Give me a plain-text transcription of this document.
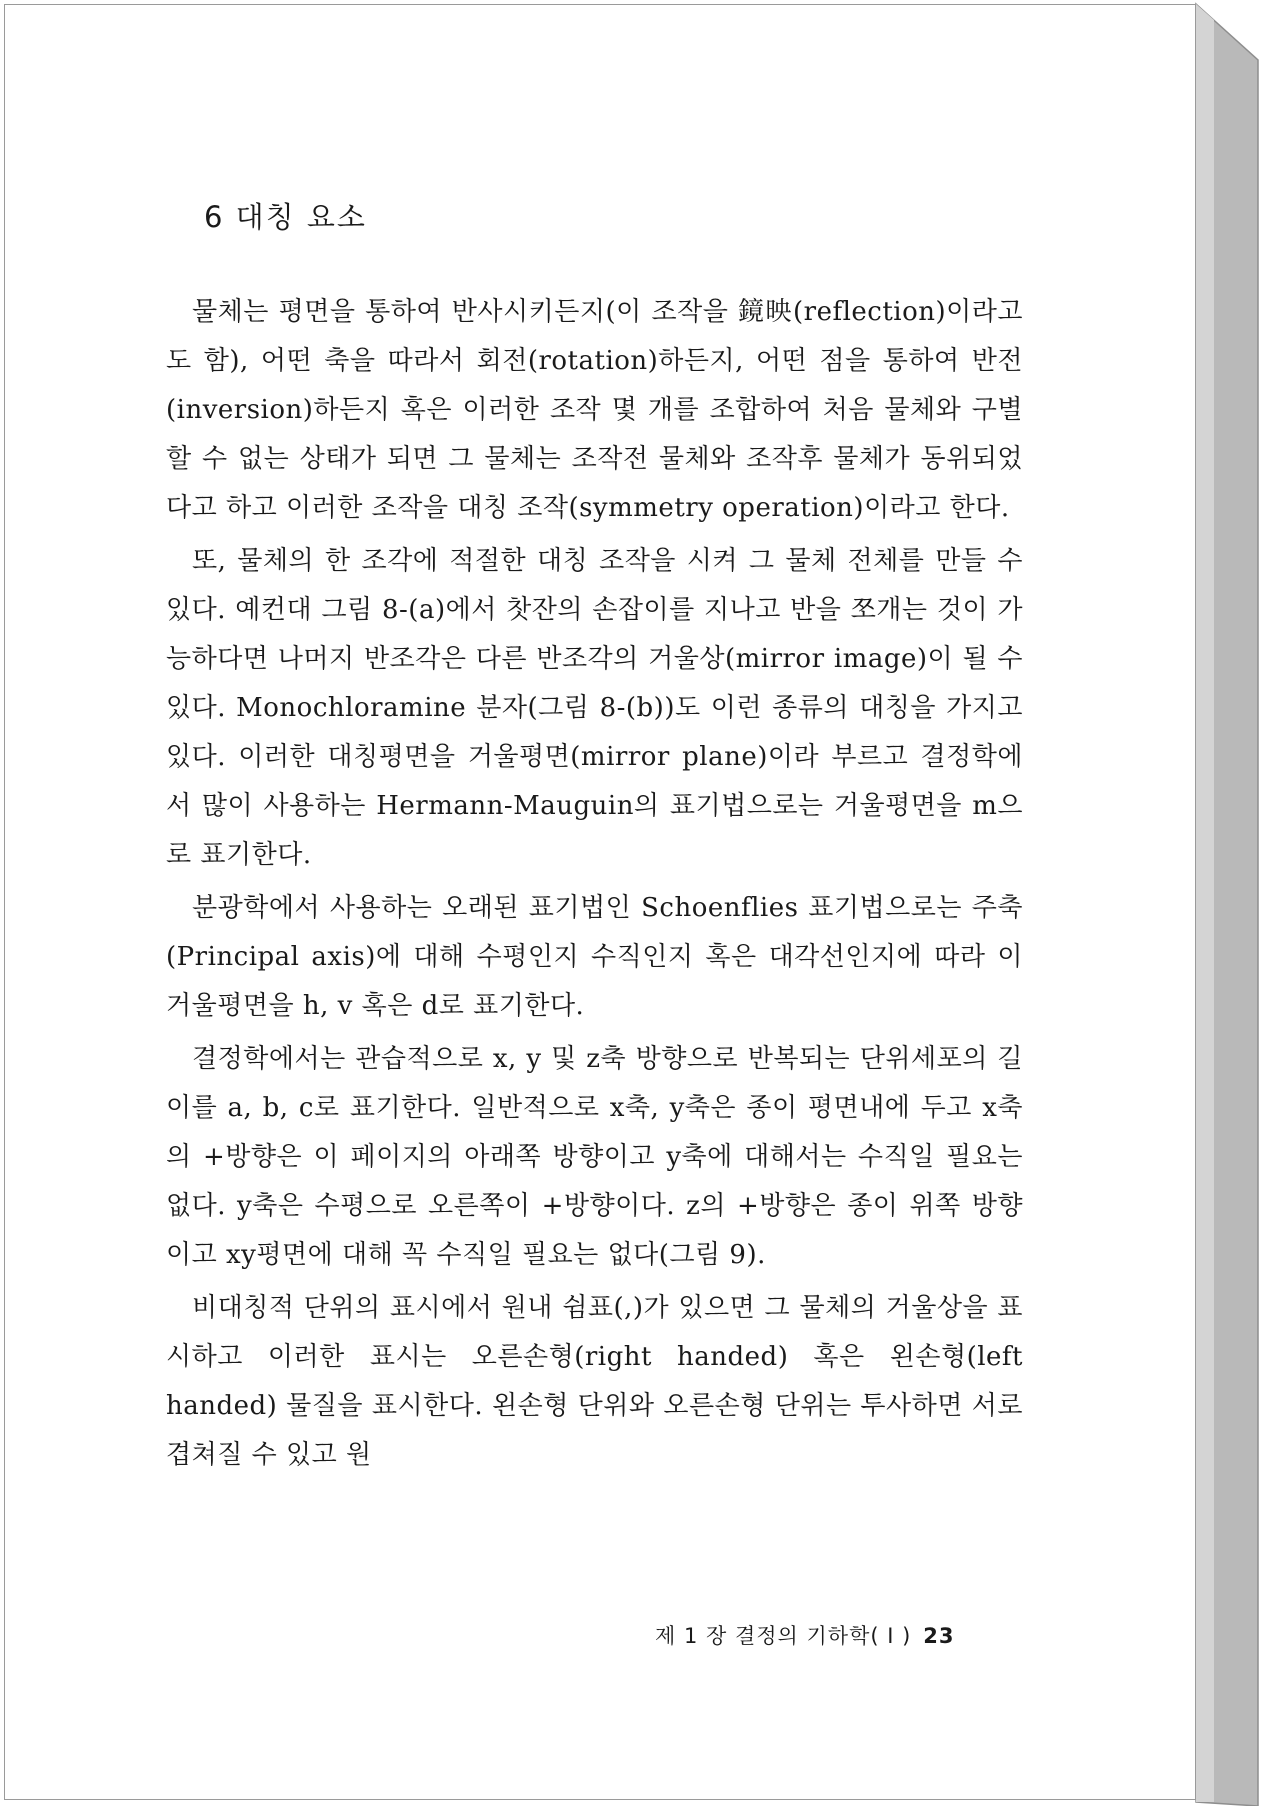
6 대칭 요소

물체는 평면을 통하여 반사시키든지(이 조작을 鏡映(reflection)이라고도 함), 어떤 축을 따라서 회전(rotation)하든지, 어떤 점을 통하여 반전(inversion)하든지 혹은 이러한 조작 몇 개를 조합하여 처음 물체와 구별할 수 없는 상태가 되면 그 물체는 조작전 물체와 조작후 물체가 동위되었다고 하고 이러한 조작을 대칭 조작(symmetry operation)이라고 한다.

또, 물체의 한 조각에 적절한 대칭 조작을 시켜 그 물체 전체를 만들 수 있다. 예컨대 그림 8-(a)에서 찻잔의 손잡이를 지나고 반을 쪼개는 것이 가능하다면 나머지 반조각은 다른 반조각의 거울상(mirror image)이 될 수 있다. Monochloramine 분자(그림 8-(b))도 이런 종류의 대칭을 가지고 있다. 이러한 대칭평면을 거울평면(mirror plane)이라 부르고 결정학에서 많이 사용하는 Hermann-Mauguin의 표기법으로는 거울평면을 m으로 표기한다.

분광학에서 사용하는 오래된 표기법인 Schoenflies 표기법으로는 주축(Principal axis)에 대해 수평인지 수직인지 혹은 대각선인지에 따라 이 거울평면을 h, v 혹은 d로 표기한다.

결정학에서는 관습적으로 x, y 및 z축 방향으로 반복되는 단위세포의 길이를 a, b, c로 표기한다. 일반적으로 x축, y축은 종이 평면내에 두고 x축의 +방향은 이 페이지의 아래쪽 방향이고 y축에 대해서는 수직일 필요는 없다. y축은 수평으로 오른쪽이 +방향이다. z의 +방향은 종이 위쪽 방향이고 xy평면에 대해 꼭 수직일 필요는 없다(그림 9).

비대칭적 단위의 표시에서 원내 쉼표(,)가 있으면 그 물체의 거울상을 표시하고 이러한 표시는 오른손형(right handed) 혹은 왼손형(left handed) 물질을 표시한다. 왼손형 단위와 오른손형 단위는 투사하면 서로 겹쳐질 수 있고 원

제 1 장 결정의 기하학( I ) 23
